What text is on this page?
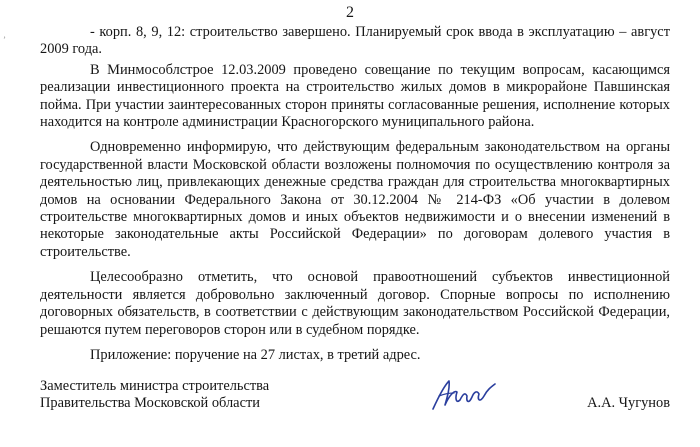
ʼ
2

- корп. 8, 9, 12: строительство завершено. Планируемый срок ввода в эксплуатацию – август 2009 года.

В Минмособлстрое 12.03.2009 проведено совещание по текущим вопросам, касающимся реализации инвестиционного проекта на строительство жилых домов в микрорайоне Павшинская пойма. При участии заинтересованных сторон приняты согласованные решения, исполнение которых находится на контроле администрации Красногорского муниципального района.

Одновременно информирую, что действующим федеральным законодательством на органы государственной власти Московской области возложены полномочия по осуществлению контроля за деятельностью лиц, привлекающих денежные средства граждан для строительства многоквартирных домов на основании Федерального Закона от 30.12.2004 № 214-ФЗ «Об участии в долевом строительстве многоквартирных домов и иных объектов недвижимости и о внесении изменений в некоторые законодательные акты Российской Федерации» по договорам долевого участия в строительстве.

Целесообразно отметить, что основой правоотношений субъектов инвестиционной деятельности является добровольно заключенный договор. Спорные вопросы по исполнению договорных обязательств, в соответствии с действующим законодательством Российской Федерации, решаются путем переговоров сторон или в судебном порядке.

Приложение: поручение на 27 листах, в третий адрес.

Заместитель министра строительства
Правительства Московской области	А.А. Чугунов
